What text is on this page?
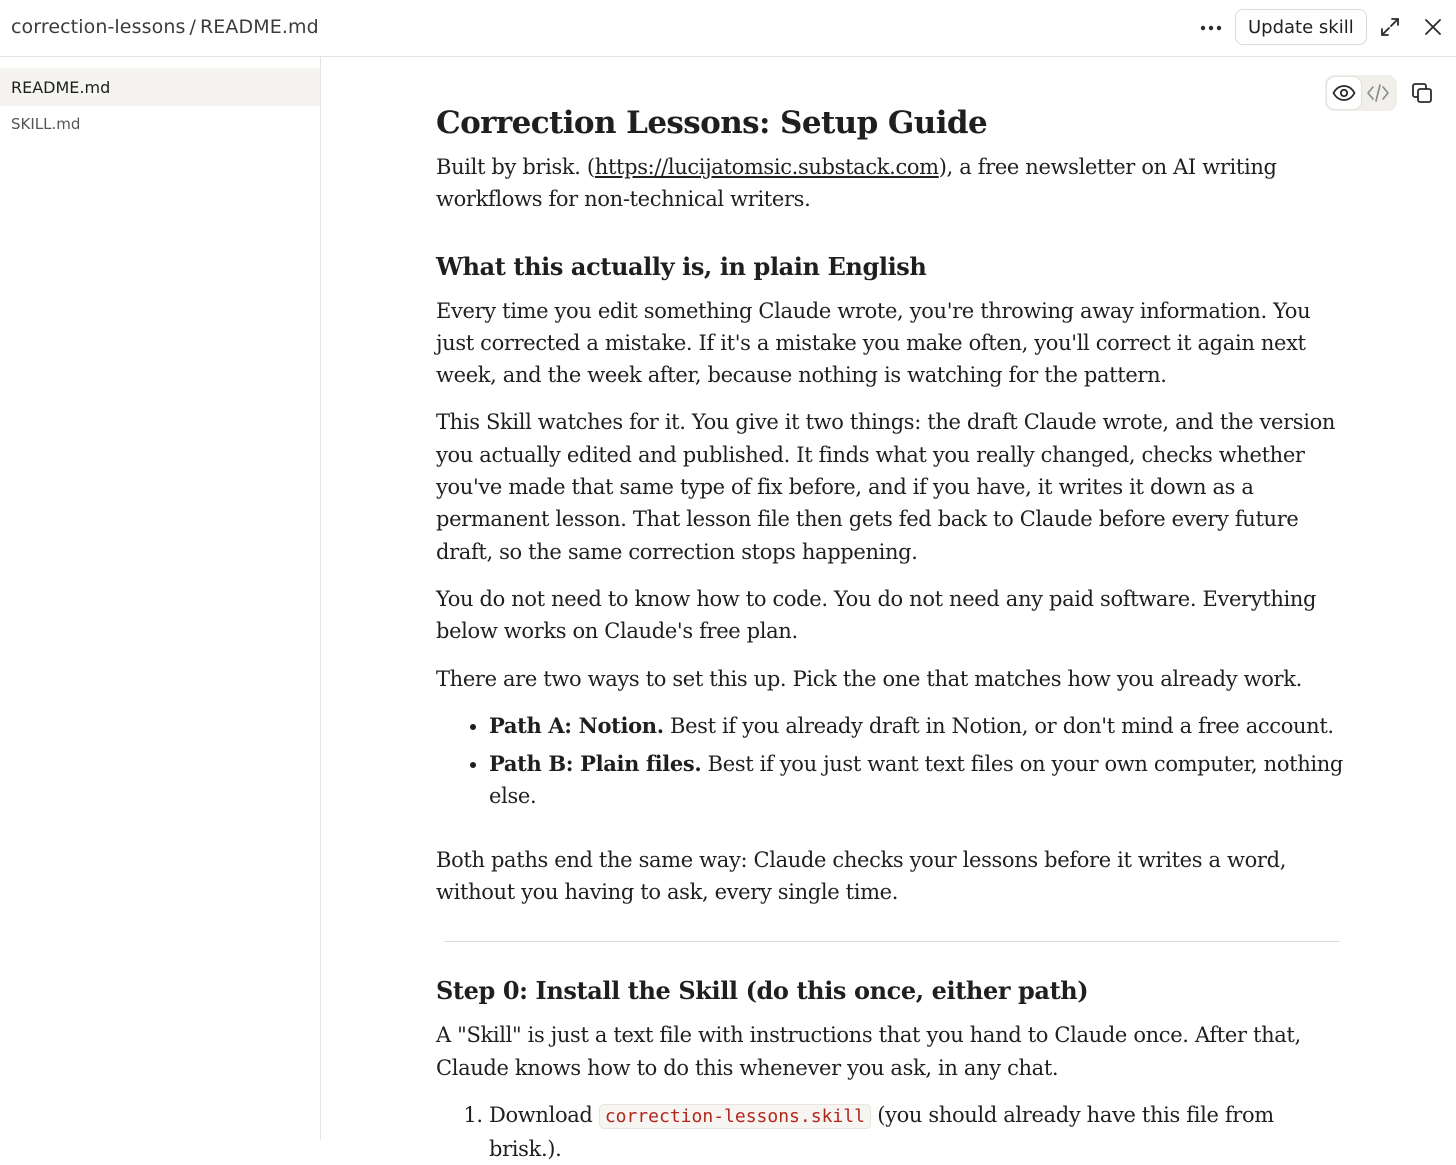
correction-lessons / README.md	Update skill
README.md
SKILL.md	Correction Lessons: Setup Guide

Built by brisk. (https://lucijatomsic.substack.com), a free newsletter on AI writing workflows for non-technical writers.

What this actually is, in plain English

Every time you edit something Claude wrote, you're throwing away information. You just corrected a mistake. If it's a mistake you make often, you'll correct it again next week, and the week after, because nothing is watching for the pattern.

This Skill watches for it. You give it two things: the draft Claude wrote, and the version you actually edited and published. It finds what you really changed, checks whether you've made that same type of fix before, and if you have, it writes it down as a permanent lesson. That lesson file then gets fed back to Claude before every future draft, so the same correction stops happening.

You do not need to know how to code. You do not need any paid software. Everything below works on Claude's free plan.

There are two ways to set this up. Pick the one that matches how you already work.

• Path A: Notion. Best if you already draft in Notion, or don't mind a free account.
• Path B: Plain files. Best if you just want text files on your own computer, nothing else.

Both paths end the same way: Claude checks your lessons before it writes a word, without you having to ask, every single time.

Step 0: Install the Skill (do this once, either path)

A "Skill" is just a text file with instructions that you hand to Claude once. After that, Claude knows how to do this whenever you ask, in any chat.

1. Download correction-lessons.skill (you should already have this file from brisk.).
